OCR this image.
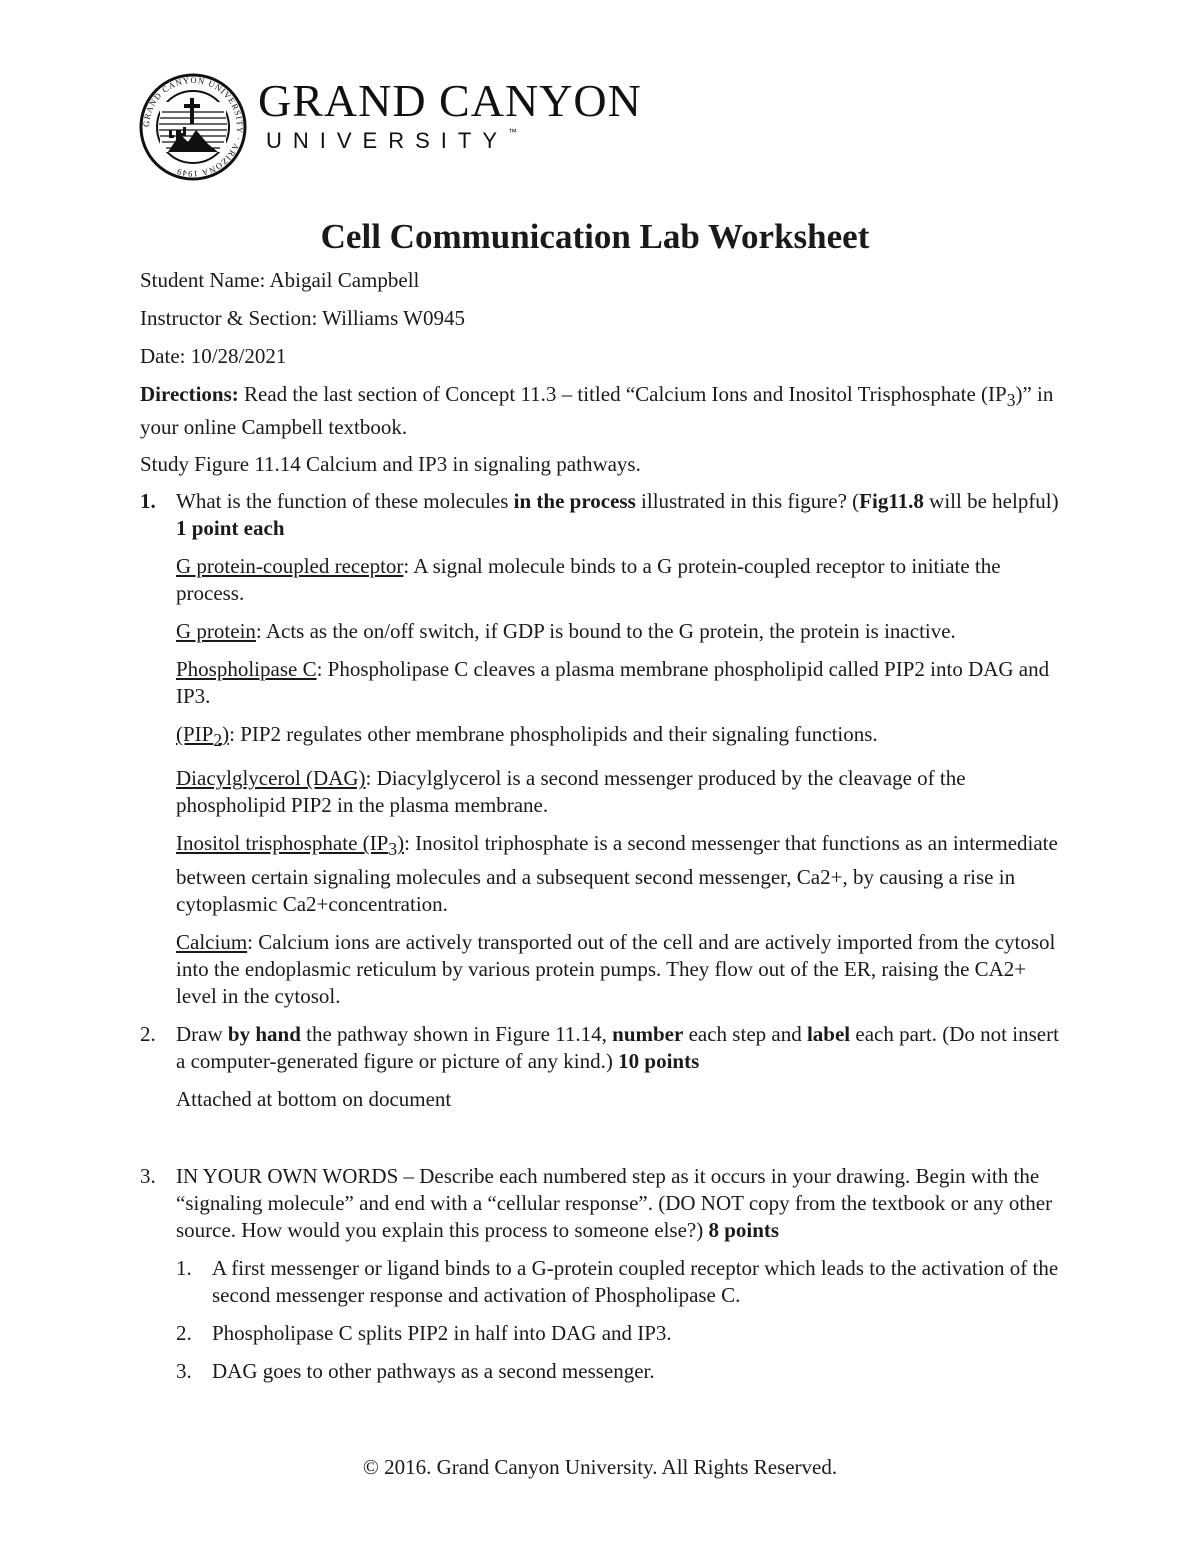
GRAND CANYON UNIVERSITY · ARIZONA 1949
GRAND CANYON
UNIVERSITY™
Cell Communication Lab Worksheet

Student Name: Abigail Campbell

Instructor & Section: Williams W0945

Date: 10/28/2021

Directions: Read the last section of Concept 11.3 – titled “Calcium Ions and Inositol Trisphosphate $(IP_3)$” in your online Campbell textbook.

Study Figure 11.14 Calcium and IP3 in signaling pathways.

1. What is the function of these molecules in the process illustrated in this figure? (Fig11.8 will be helpful) 1 point each

G protein-coupled receptor: A signal molecule binds to a G protein-coupled receptor to initiate the process.

G protein: Acts as the on/off switch, if GDP is bound to the G protein, the protein is inactive.

Phospholipase C: Phospholipase C cleaves a plasma membrane phospholipid called PIP2 into DAG and IP3.

$(PIP_2)$: PIP2 regulates other membrane phospholipids and their signaling functions.

Diacylglycerol (DAG): Diacylglycerol is a second messenger produced by the cleavage of the phospholipid PIP2 in the plasma membrane.

Inositol trisphosphate $(IP_3)$: Inositol triphosphate is a second messenger that functions as an intermediate between certain signaling molecules and a subsequent second messenger, Ca2+, by causing a rise in cytoplasmic Ca2+concentration.

Calcium: Calcium ions are actively transported out of the cell and are actively imported from the cytosol into the endoplasmic reticulum by various protein pumps. They flow out of the ER, raising the CA2+ level in the cytosol.

2. Draw by hand the pathway shown in Figure 11.14, number each step and label each part. (Do not insert a computer-generated figure or picture of any kind.) 10 points

Attached at bottom on document

3. IN YOUR OWN WORDS – Describe each numbered step as it occurs in your drawing. Begin with the “signaling molecule” and end with a “cellular response”. (DO NOT copy from the textbook or any other source. How would you explain this process to someone else?) 8 points

1. A first messenger or ligand binds to a G-protein coupled receptor which leads to the activation of the second messenger response and activation of Phospholipase C.

2. Phospholipase C splits PIP2 in half into DAG and IP3.

3. DAG goes to other pathways as a second messenger.

© 2016. Grand Canyon University. All Rights Reserved.
